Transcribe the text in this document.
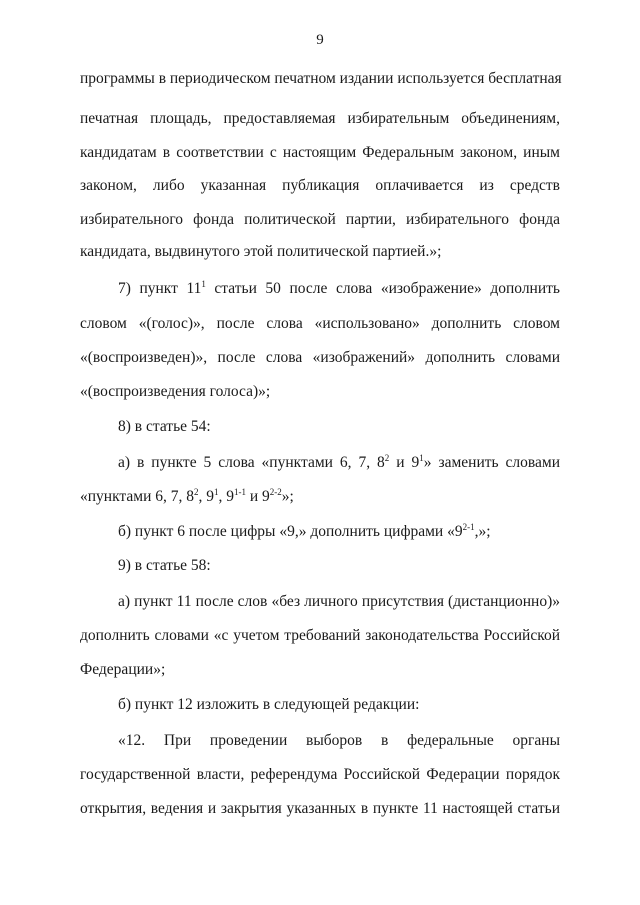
9
программы в периодическом печатном издании используется бесплатная
печатная площадь, предоставляемая избирательным объединениям,
кандидатам в соответствии с настоящим Федеральным законом, иным
законом, либо указанная публикация оплачивается из средств
избирательного фонда политической партии, избирательного фонда
кандидата, выдвинутого этой политической партией.»;
7) пункт $11^1$ статьи 50 после слова «изображение» дополнить
словом «(голос)», после слова «использовано» дополнить словом
«(воспроизведен)», после слова «изображений» дополнить словами
«(воспроизведения голоса)»;
8) в статье 54:
а) в пункте 5 слова «пунктами 6, 7, $8^2$ и $9^1$» заменить словами
«пунктами 6, 7, $8^2$, $9^1$, 9$^{1-1}$ и 9$^{2-2}$»;
б) пункт 6 после цифры «9,» дополнить цифрами «9$^{2-1}$,»;
9) в статье 58:
а) пункт 11 после слов «без личного присутствия (дистанционно)»
дополнить словами «с учетом требований законодательства Российской
Федерации»;
б) пункт 12 изложить в следующей редакции:
«12. При проведении выборов в федеральные органы
государственной власти, референдума Российской Федерации порядок
открытия, ведения и закрытия указанных в пункте 11 настоящей статьи
